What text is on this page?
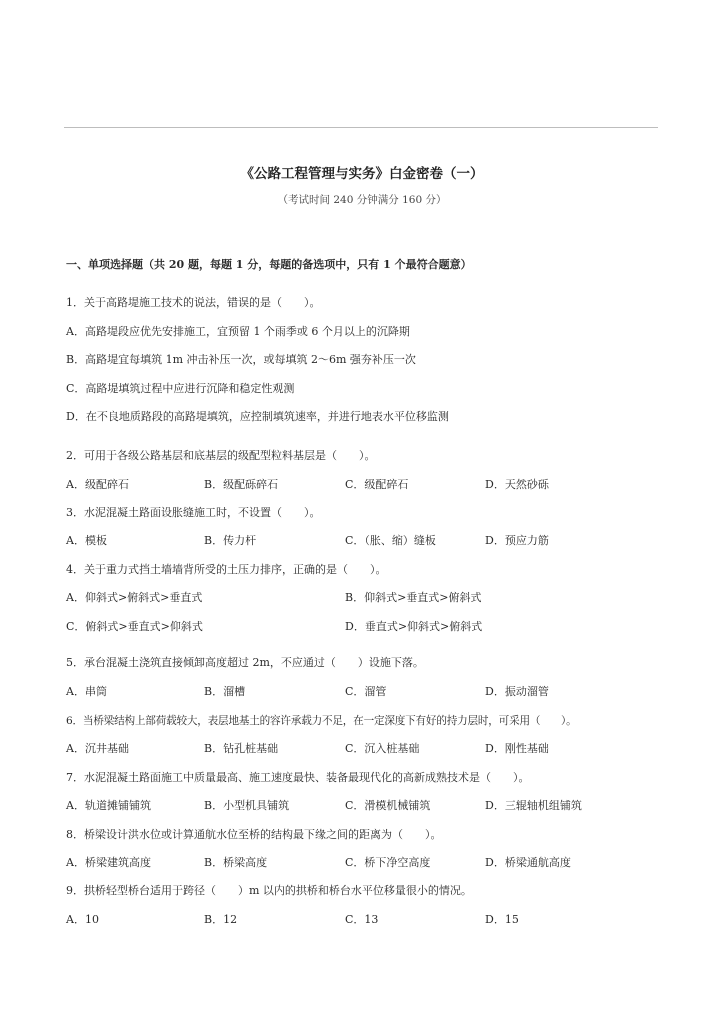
《公路工程管理与实务》白金密卷（一）
（考试时间 240 分钟满分 160 分）
一、单项选择题（共 20 题，每题 1 分，每题的备选项中，只有 1 个最符合题意）
1．关于高路堤施工技术的说法，错误的是（　　）。
A．高路堤段应优先安排施工，宜预留 1 个雨季或 6 个月以上的沉降期
B．高路堤宜每填筑 1m 冲击补压一次，或每填筑 2～6m 强夯补压一次
C．高路堤填筑过程中应进行沉降和稳定性观测
D．在不良地质路段的高路堤填筑，应控制填筑速率，并进行地表水平位移监测
2．可用于各级公路基层和底基层的级配型粒料基层是（　　）。
A．级配碎石	B．级配砾碎石	C．级配碎石	D．天然砂砾
3．水泥混凝土路面设胀缝施工时，不设置（　　）。
A．模板	B．传力杆	C．（胀、缩）缝板	D．预应力筋
4．关于重力式挡土墙墙背所受的土压力排序，正确的是（　　）。
A．仰斜式>俯斜式>垂直式	B．仰斜式>垂直式>俯斜式
C．俯斜式>垂直式>仰斜式	D．垂直式>仰斜式>俯斜式
5．承台混凝土浇筑直接倾卸高度超过 2m，不应通过（　　）设施下落。
A．串筒	B．溜槽	C．溜管	D．振动溜管
6．当桥梁结构上部荷载较大，表层地基土的容许承载力不足，在一定深度下有好的持力层时，可采用（　　）。
A．沉井基础	B．钻孔桩基础	C．沉入桩基础	D．刚性基础
7．水泥混凝土路面施工中质量最高、施工速度最快、装备最现代化的高新成熟技术是（　　）。
A．轨道摊铺铺筑	B．小型机具铺筑	C．滑模机械铺筑	D．三辊轴机组铺筑
8．桥梁设计洪水位或计算通航水位至桥的结构最下缘之间的距离为（　　）。
A．桥梁建筑高度	B．桥梁高度	C．桥下净空高度	D．桥梁通航高度
9．拱桥轻型桥台适用于跨径（　　）m 以内的拱桥和桥台水平位移量很小的情况。
A．10	B．12	C．13	D．15
